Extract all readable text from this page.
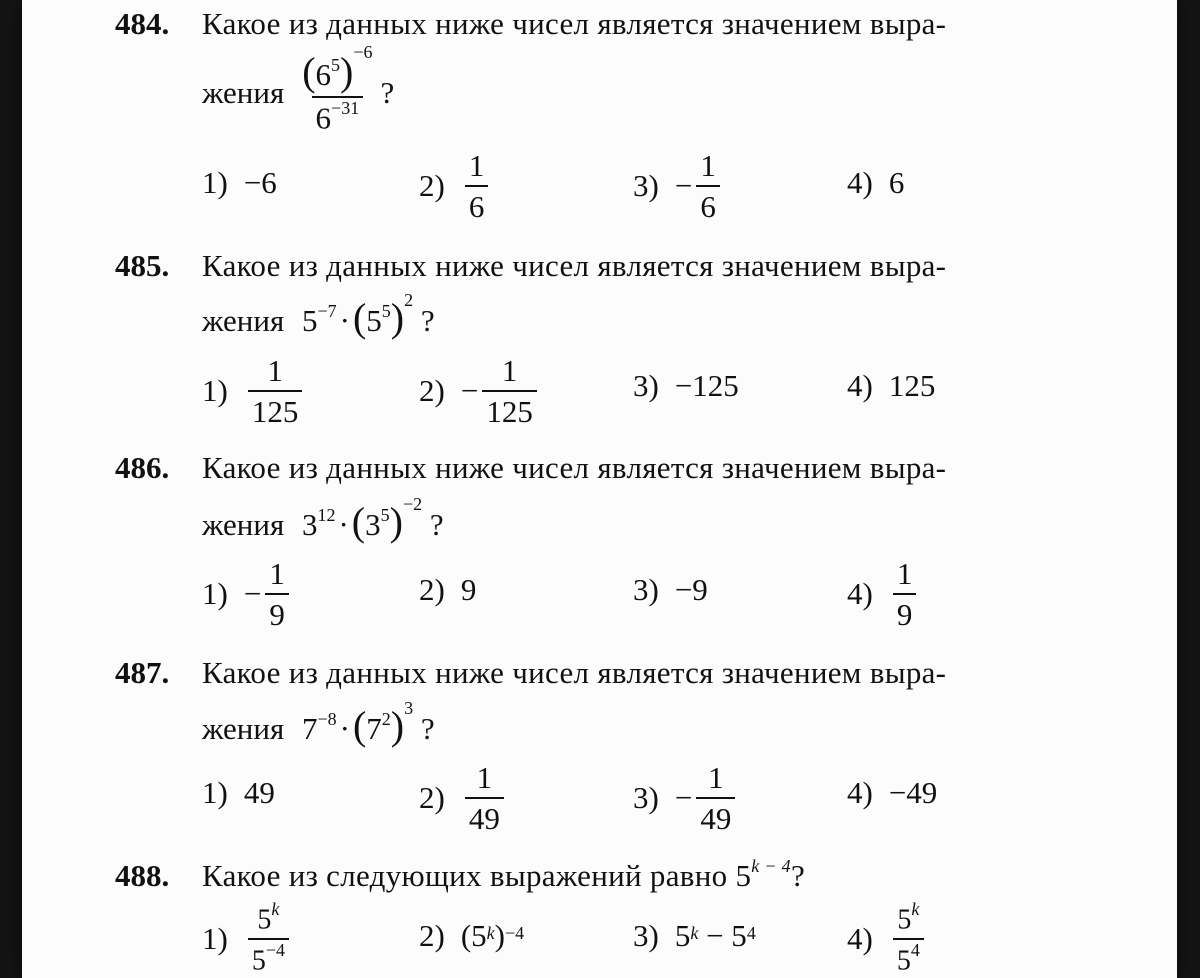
484. Какое из данных ниже чисел является значением выра-
жения $\frac{(6^5)^{-6}}{6^{-31}}$ ?
1) −6	$2) \frac{1}{6}$	$3) - \frac{1}{6}$	4) 6
485. Какое из данных ниже чисел является значением выра-
жения $5^{-7}\cdot(5^5)^2$ ?
$1) \frac{1}{125}$	$2) - \frac{1}{125}$	3) −125	4) 125
486. Какое из данных ниже чисел является значением выра-
жения $3^{12}\cdot(3^5)^{-2}$ ?
$1) - \frac{1}{9}$	2) 9	3) −9	$4) \frac{1}{9}$
487. Какое из данных ниже чисел является значением выра-
жения $7^{-8}\cdot(7^2)^3$ ?
1) 49	$2) \frac{1}{49}$	$3) - \frac{1}{49}$	4) −49
488. Какое из следующих выражений равно $5^{k - 4}$?
$1) \frac{5^k}{5^{-4}}$	2) (5$^k$ )$^{-4}$	3) $5^k - 5^4$	$4) \frac{5^k}{5^4}$
